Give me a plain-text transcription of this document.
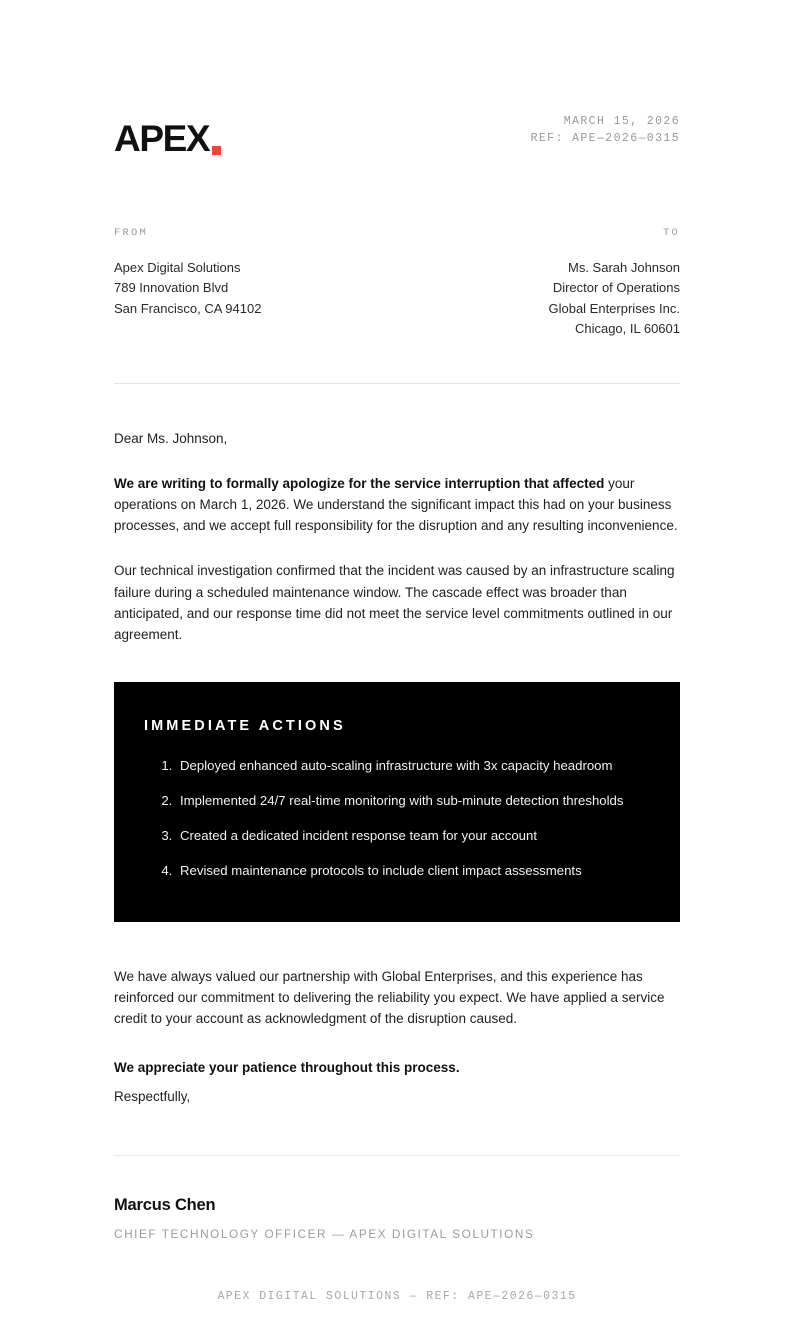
APEX	MARCH 15, 2026
REF: APE—2026—0315
FROM
Apex Digital Solutions
789 Innovation Blvd
San Francisco, CA 94102
TO
Ms. Sarah Johnson
Director of Operations
Global Enterprises Inc.
Chicago, IL 60601
Dear Ms. Johnson,

We are writing to formally apologize for the service interruption that affected your operations on March 1, 2026. We understand the significant impact this had on your business processes, and we accept full responsibility for the disruption and any resulting inconvenience.

Our technical investigation confirmed that the incident was caused by an infrastructure scaling failure during a scheduled maintenance window. The cascade effect was broader than anticipated, and our response time did not meet the service level commitments outlined in our agreement.

IMMEDIATE ACTIONS
1. Deployed enhanced auto-scaling infrastructure with 3x capacity headroom
2. Implemented 24/7 real-time monitoring with sub-minute detection thresholds
3. Created a dedicated incident response team for your account
4. Revised maintenance protocols to include client impact assessments

We have always valued our partnership with Global Enterprises, and this experience has reinforced our commitment to delivering the reliability you expect. We have applied a service credit to your account as acknowledgment of the disruption caused.

We appreciate your patience throughout this process.
Respectfully,
Marcus Chen
CHIEF TECHNOLOGY OFFICER — APEX DIGITAL SOLUTIONS
APEX DIGITAL SOLUTIONS — REF: APE—2026—0315
